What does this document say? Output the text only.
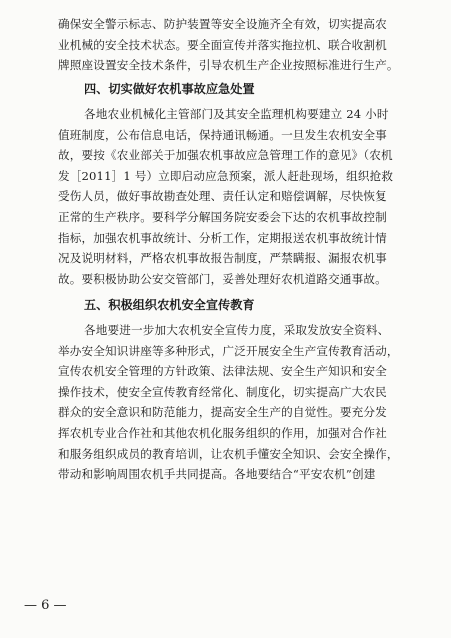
确保安全警示标志、防护装置等安全设施齐全有效，切实提高农
业机械的安全技术状态。要全面宣传并落实拖拉机、联合收割机
牌照座设置安全技术条件，引导农机生产企业按照标准进行生产。
四、切实做好农机事故应急处置
各地农业机械化主管部门及其安全监理机构要建立 24 小时
值班制度，公布信息电话，保持通讯畅通。一旦发生农机安全事
故，要按《农业部关于加强农机事故应急管理工作的意见》（农机
发［2011］1 号）立即启动应急预案，派人赶赴现场，组织抢救
受伤人员，做好事故勘查处理、责任认定和赔偿调解，尽快恢复
正常的生产秩序。要科学分解国务院安委会下达的农机事故控制
指标，加强农机事故统计、分析工作，定期报送农机事故统计情
况及说明材料，严格农机事故报告制度，严禁瞒报、漏报农机事
故。要积极协助公安交管部门，妥善处理好农机道路交通事故。
五、积极组织农机安全宣传教育
各地要进一步加大农机安全宣传力度，采取发放安全资料、
举办安全知识讲座等多种形式，广泛开展安全生产宣传教育活动，
宣传农机安全管理的方针政策、法律法规、安全生产知识和安全
操作技术，使安全宣传教育经常化、制度化，切实提高广大农民
群众的安全意识和防范能力，提高安全生产的自觉性。要充分发
挥农机专业合作社和其他农机化服务组织的作用，加强对合作社
和服务组织成员的教育培训，让农机手懂安全知识、会安全操作，
带动和影响周围农机手共同提高。各地要结合“平安农机”创建
— 6 —
